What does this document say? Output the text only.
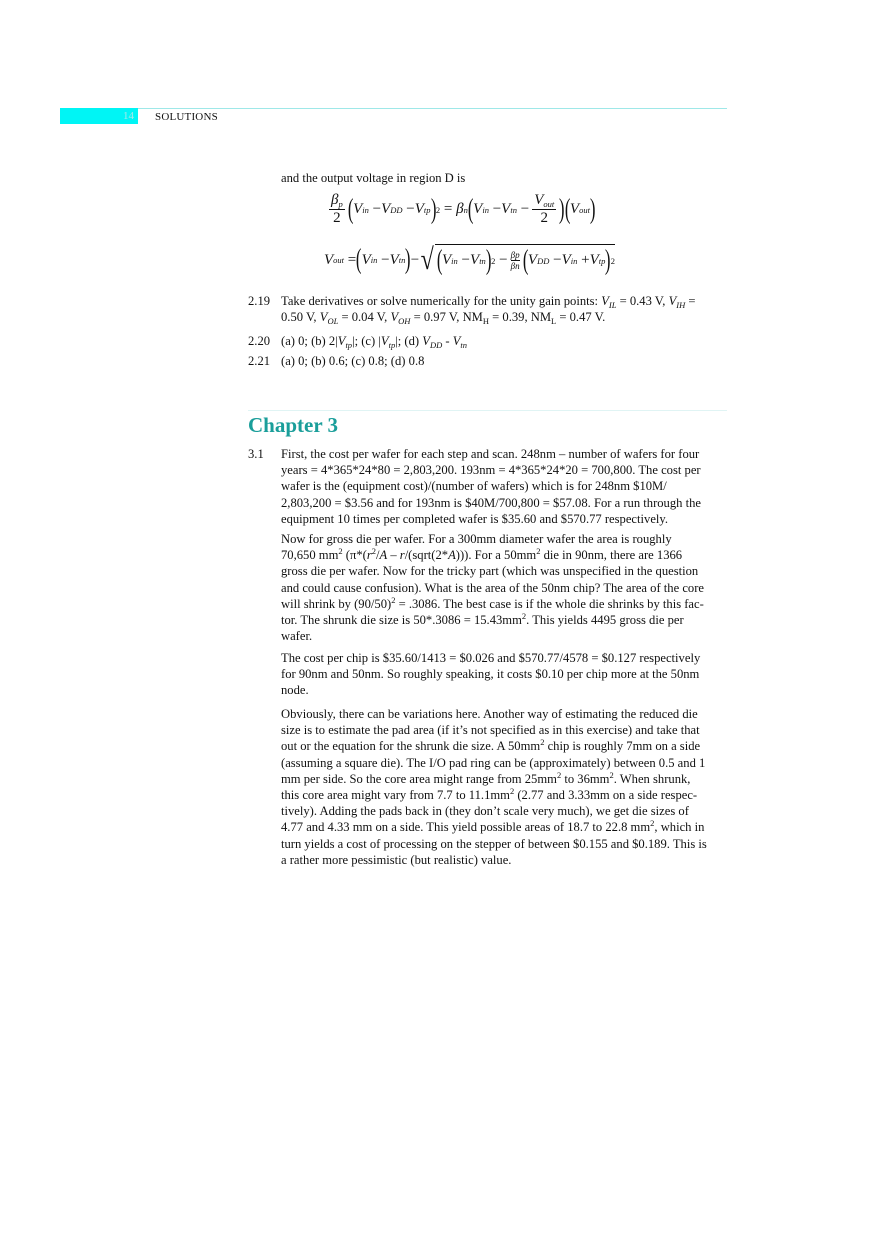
14	SOLUTIONS
and the output voltage in region D is
$\frac{\beta_p}{2}$ ( V in
− V DD
− V tp ) 2
=
β n ( V in
− V tn
− $\frac{V_{out}}{2}$ ) ( V out )
V out
= ( V in
− V tn ) − √ ( V in
− V tn ) 2
− $\frac{\beta p}{\beta n}$ ( V DD
− V in
+ V tp ) 2
Chapter 3
3.1
2.19 Take derivatives or solve numerically for the unity gain points: $V_{IL} = 0.43$ V, $V_{IH}$ =
0.50 V, $V_{OL} = 0.04$ V, $V_{OH} = 0.97$ V, $NM_H = 0.39$, $NM_L = 0.47$ V.
2.20 (a) 0; (b) $2|V_{tp}|$; (c) $|V_{tp}|$; (d) $V_{DD} - V_{tn}$
2.21 (a) 0; (b) 0.6; (c) 0.8; (d) 0.8
First, the cost per wafer for each step and scan. 248nm – number of wafers for four
years = 4*365*24*80 = 2,803,200. 193nm = 4*365*24*20 = 700,800. The cost per
wafer is the (equipment cost)/(number of wafers) which is for 248nm $10M/
2,803,200 = $3.56 and for 193nm is $40M/700,800 = $57.08. For a run through the
equipment 10 times per completed wafer is $35.60 and $570.77 respectively.
Now for gross die per wafer. For a 300mm diameter wafer the area is roughly
70,650 $mm^2$ ($\pi*(r^2/A$ – r/(sqrt(2*A))). For a $50mm^2$ die in 90nm, there are 1366
gross die per wafer. Now for the tricky part (which was unspecified in the question
and could cause confusion). What is the area of the 50nm chip? The area of the core
will shrink by $(90/50)^2 = .3086$. The best case is if the whole die shrinks by this fac-
tor. The shrunk die size is $50*.3086 = 15.43mm^2$. This yields 4495 gross die per
wafer.
The cost per chip is $35.60/1413 = $0.026 and $570.77/4578 = $0.127 respectively
for 90nm and 50nm. So roughly speaking, it costs $0.10 per chip more at the 50nm
node.
Obviously, there can be variations here. Another way of estimating the reduced die
size is to estimate the pad area (if it’s not specified as in this exercise) and take that
out or the equation for the shrunk die size. A $50mm^2$ chip is roughly 7mm on a side
(assuming a square die). The I/O pad ring can be (approximately) between 0.5 and 1
mm per side. So the core area might range from $25mm^2$ to $36mm^2$. When shrunk,
this core area might vary from 7.7 to $11.1mm^2$ (2.77 and 3.33mm on a side respec-
tively). Adding the pads back in (they don’t scale very much), we get die sizes of
4.77 and 4.33 mm on a side. This yield possible areas of 18.7 to 22.8 $mm^2$, which in
turn yields a cost of processing on the stepper of between $0.155 and $0.189. This is
a rather more pessimistic (but realistic) value.
